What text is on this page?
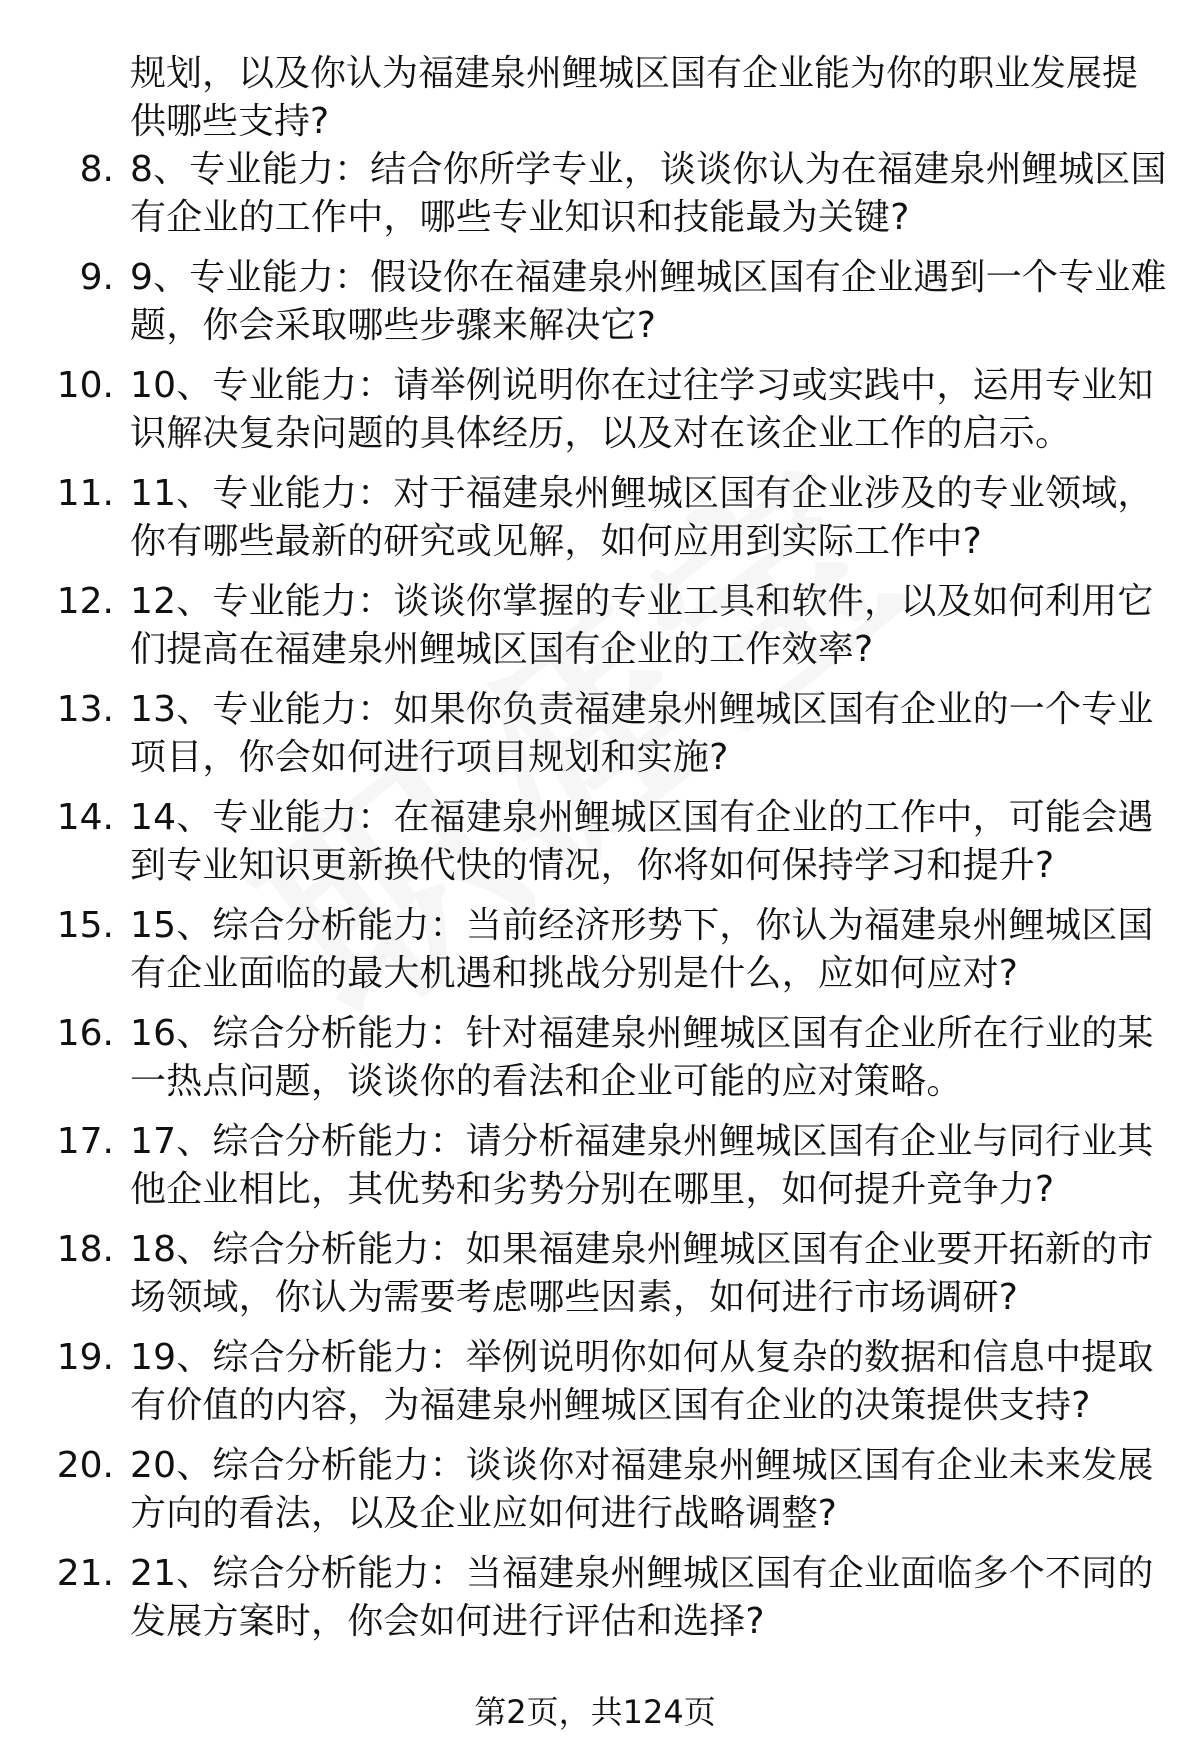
规划，以及你认为福建泉州鲤城区国有企业能为你的职业发展提供哪些支持?

8. 8、专业能力：结合你所学专业，谈谈你认为在福建泉州鲤城区国有企业的工作中，哪些专业知识和技能最为关键?
9. 9、专业能力：假设你在福建泉州鲤城区国有企业遇到一个专业难题，你会采取哪些步骤来解决它?
10. 10、专业能力：请举例说明你在过往学习或实践中，运用专业知识解决复杂问题的具体经历，以及对在该企业工作的启示。
11. 11、专业能力：对于福建泉州鲤城区国有企业涉及的专业领域，你有哪些最新的研究或见解，如何应用到实际工作中?
12. 12、专业能力：谈谈你掌握的专业工具和软件，以及如何利用它们提高在福建泉州鲤城区国有企业的工作效率?
13. 13、专业能力：如果你负责福建泉州鲤城区国有企业的一个专业项目，你会如何进行项目规划和实施?
14. 14、专业能力：在福建泉州鲤城区国有企业的工作中，可能会遇到专业知识更新换代快的情况，你将如何保持学习和提升?
15. 15、综合分析能力：当前经济形势下，你认为福建泉州鲤城区国有企业面临的最大机遇和挑战分别是什么，应如何应对?
16. 16、综合分析能力：针对福建泉州鲤城区国有企业所在行业的某一热点问题，谈谈你的看法和企业可能的应对策略。
17. 17、综合分析能力：请分析福建泉州鲤城区国有企业与同行业其他企业相比，其优势和劣势分别在哪里，如何提升竞争力?
18. 18、综合分析能力：如果福建泉州鲤城区国有企业要开拓新的市场领域，你认为需要考虑哪些因素，如何进行市场调研?
19. 19、综合分析能力：举例说明你如何从复杂的数据和信息中提取有价值的内容，为福建泉州鲤城区国有企业的决策提供支持?
20. 20、综合分析能力：谈谈你对福建泉州鲤城区国有企业未来发展方向的看法，以及企业应如何进行战略调整?
21. 21、综合分析能力：当福建泉州鲤城区国有企业面临多个不同的发展方案时，你会如何进行评估和选择?
第2页，共124页
